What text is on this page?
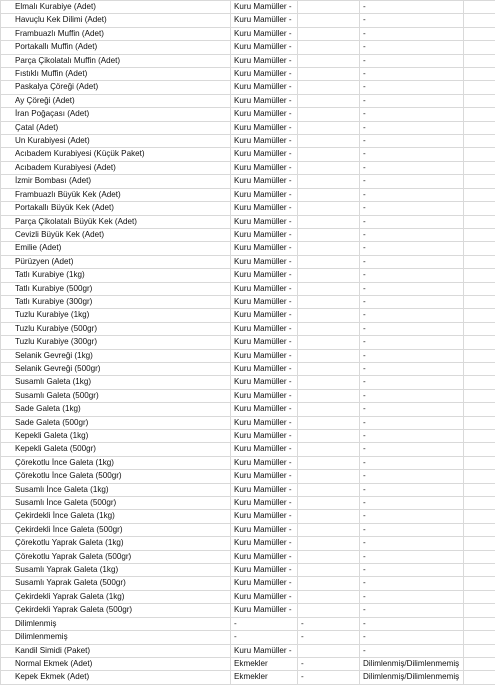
Elmalı Kurabiye (Adet)	Kuru Mamüller -		-	
Havuçlu Kek Dilimi (Adet)	Kuru Mamüller -		-	
Frambuazlı Muffin (Adet)	Kuru Mamüller -		-	
Portakallı Muffin (Adet)	Kuru Mamüller -		-	
Parça Çikolatalı Muffin (Adet)	Kuru Mamüller -		-	
Fıstıklı Muffin (Adet)	Kuru Mamüller -		-	
Paskalya Çöreği (Adet)	Kuru Mamüller -		-	
Ay Çöreği (Adet)	Kuru Mamüller -		-	
İran Poğaçası (Adet)	Kuru Mamüller -		-	
Çatal (Adet)	Kuru Mamüller -		-	
Un Kurabiyesi (Adet)	Kuru Mamüller -		-	
Acıbadem Kurabiyesi (Küçük Paket)	Kuru Mamüller -		-	
Acıbadem Kurabiyesi (Adet)	Kuru Mamüller -		-	
İzmir Bombası (Adet)	Kuru Mamüller -		-	
Frambuazlı Büyük Kek (Adet)	Kuru Mamüller -		-	
Portakallı Büyük Kek (Adet)	Kuru Mamüller -		-	
Parça Çikolatalı Büyük Kek (Adet)	Kuru Mamüller -		-	
Cevizli Büyük Kek (Adet)	Kuru Mamüller -		-	
Emilie (Adet)	Kuru Mamüller -		-	
Pürüzyen (Adet)	Kuru Mamüller -		-	
Tatlı Kurabiye (1kg)	Kuru Mamüller -		-	
Tatlı Kurabiye (500gr)	Kuru Mamüller -		-	
Tatlı Kurabiye (300gr)	Kuru Mamüller -		-	
Tuzlu Kurabiye (1kg)	Kuru Mamüller -		-	
Tuzlu Kurabiye (500gr)	Kuru Mamüller -		-	
Tuzlu Kurabiye (300gr)	Kuru Mamüller -		-	
Selanik Gevreği (1kg)	Kuru Mamüller -		-	
Selanik Gevreği (500gr)	Kuru Mamüller -		-	
Susamlı Galeta (1kg)	Kuru Mamüller -		-	
Susamlı Galeta (500gr)	Kuru Mamüller -		-	
Sade Galeta (1kg)	Kuru Mamüller -		-	
Sade Galeta (500gr)	Kuru Mamüller -		-	
Kepekli Galeta (1kg)	Kuru Mamüller -		-	
Kepekli Galeta (500gr)	Kuru Mamüller -		-	
Çörekotlu İnce Galeta (1kg)	Kuru Mamüller -		-	
Çörekotlu İnce Galeta (500gr)	Kuru Mamüller -		-	
Susamlı İnce Galeta (1kg)	Kuru Mamüller -		-	
Susamlı İnce Galeta (500gr)	Kuru Mamüller -		-	
Çekirdekli İnce Galeta (1kg)	Kuru Mamüller -		-	
Çekirdekli İnce Galeta (500gr)	Kuru Mamüller -		-	
Çörekotlu Yaprak Galeta (1kg)	Kuru Mamüller -		-	
Çörekotlu Yaprak Galeta (500gr)	Kuru Mamüller -		-	
Susamlı Yaprak Galeta (1kg)	Kuru Mamüller -		-	
Susamlı Yaprak Galeta (500gr)	Kuru Mamüller -		-	
Çekirdekli Yaprak Galeta (1kg)	Kuru Mamüller -		-	
Çekirdekli Yaprak Galeta (500gr)	Kuru Mamüller -		-	
Dilimlenmiş	-	-	-	
Dilimlenmemiş	-	-	-	
Kandil Simidi (Paket)	Kuru Mamüller -		-	
Normal Ekmek (Adet)	Ekmekler	-	Dilimlenmiş/Dilimlenmemiş	
Kepek Ekmek (Adet)	Ekmekler	-	Dilimlenmiş/Dilimlenmemiş	
